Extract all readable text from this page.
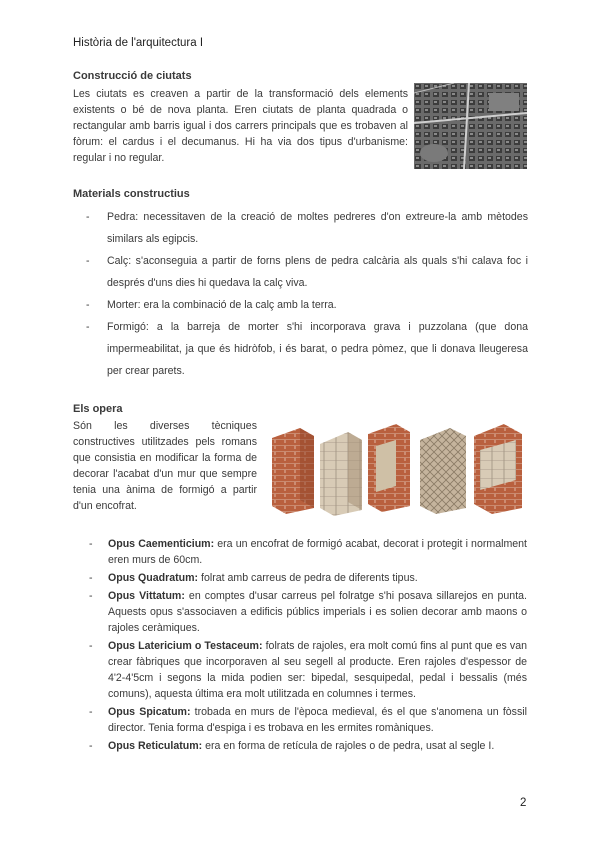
Història de l'arquitectura I
Construcció de ciutats
Les ciutats es creaven a partir de la transformació dels elements existents o bé de nova planta. Eren ciutats de planta quadrada o rectangular amb barris igual i dos carrers principals que es trobaven al fòrum: el cardus i el decumanus. Hi ha via dos tipus d'urbanisme: regular i no regular.
Materials constructius
- Pedra: necessitaven de la creació de moltes pedreres d'on extreure-la amb mètodes similars als egipcis.
- Calç: s'aconseguia a partir de forns plens de pedra calcària als quals s'hi calava foc i després d'uns dies hi quedava la calç viva.
- Morter: era la combinació de la calç amb la terra.
- Formigó: a la barreja de morter s'hi incorporava grava i puzzolana (que dona impermeabilitat, ja que és hidròfob, i és barat, o pedra pòmez, que li donava lleugeresa per crear parets.
Els opera
Són les diverses tècniques constructives utilitzades pels romans que consistia en modificar la forma de decorar l'acabat d'un mur que sempre tenia una ànima de formigó a partir d'un encofrat.
- Opus Caementicium: era un encofrat de formigó acabat, decorat i protegit i normalment eren murs de 60cm.
- Opus Quadratum: folrat amb carreus de pedra de diferents tipus.
- Opus Vittatum: en comptes d'usar carreus pel folratge s'hi posava sillarejos en punta. Aquests opus s'associaven a edificis públics imperials i es solien decorar amb maons o rajoles ceràmiques.
- Opus Latericium o Testaceum: folrats de rajoles, era molt comú fins al punt que es van crear fàbriques que incorporaven al seu segell al producte. Eren rajoles d'espessor de 4'2-4'5cm i segons la mida podien ser: bipedal, sesquipedal, pedal i bessalis (més comuns), aquesta última era molt utilitzada en columnes i termes.
- Opus Spicatum: trobada en murs de l'època medieval, és el que s'anomena un fòssil director. Tenia forma d'espiga i es trobava en les ermites romàniques.
- Opus Reticulatum: era en forma de retícula de rajoles o de pedra, usat al segle I.
2
